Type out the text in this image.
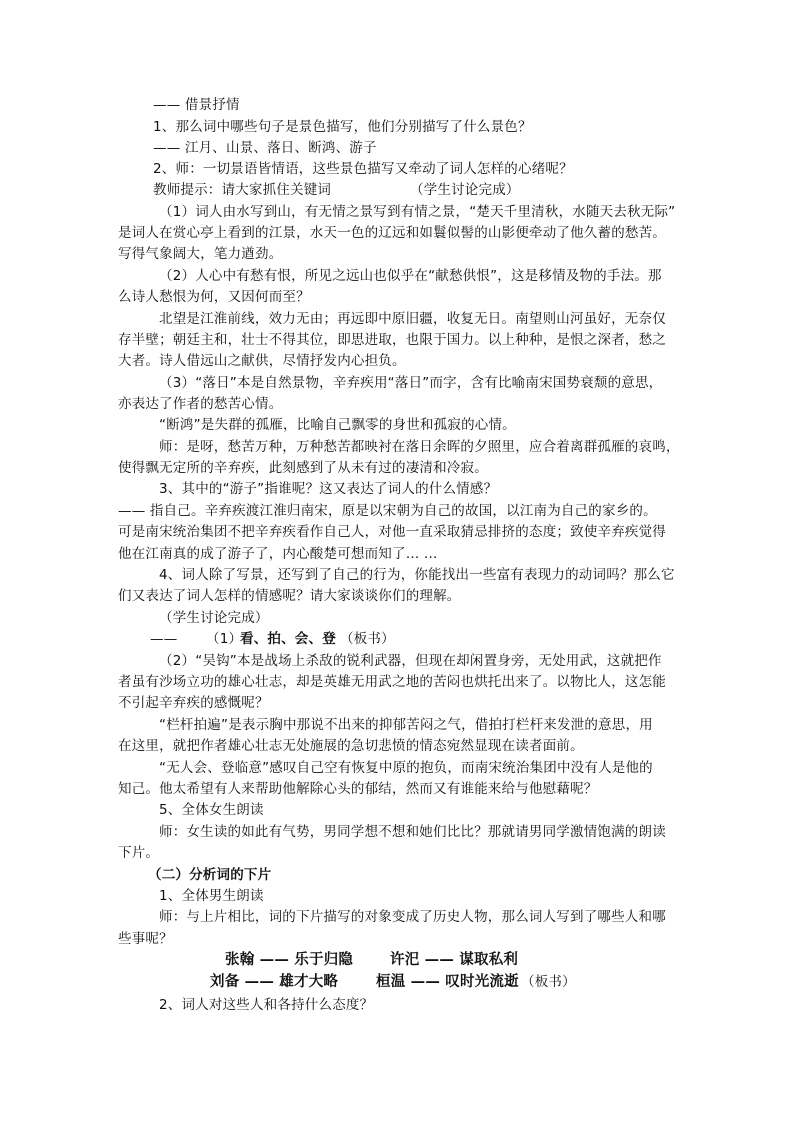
—— 借景抒情
1、那么词中哪些句子是景色描写，他们分别描写了什么景色？
—— 江月、山景、落日、断鸿、游子
2、师：一切景语皆情语，这些景色描写又牵动了词人怎样的心绪呢？
教师提示：请大家抓住关键词	（学生讨论完成）
（1）词人由水写到山，有无情之景写到有情之景，“楚天千里清秋，水随天去秋无际”
是词人在赏心亭上看到的江景，水天一色的辽远和如鬟似髻的山影便牵动了他久蓄的愁苦。
写得气象阔大，笔力遒劲。
（2）人心中有愁有恨，所见之远山也似乎在“献愁供恨”，这是移情及物的手法。那
么诗人愁恨为何，又因何而至？
北望是江淮前线，效力无由；再远即中原旧疆，收复无日。南望则山河虽好，无奈仅
存半壁；朝廷主和，壮士不得其位，即思进取，也限于国力。以上种种，是恨之深者，愁之
大者。诗人借远山之献供，尽情抒发内心担负。
（3）“落日”本是自然景物，辛弃疾用“落日”而字，含有比喻南宋国势衰颓的意思，
亦表达了作者的愁苦心情。
“断鸿”是失群的孤雁，比喻自己飘零的身世和孤寂的心情。
师：是呀，愁苦万种，万种愁苦都映衬在落日余晖的夕照里，应合着离群孤雁的哀鸣，
使得飘无定所的辛弃疾，此刻感到了从未有过的凄清和冷寂。
3、其中的“游子”指谁呢？这又表达了词人的什么情感？
—— 指自己。辛弃疾渡江淮归南宋，原是以宋朝为自己的故国，以江南为自己的家乡的。
可是南宋统治集团不把辛弃疾看作自己人，对他一直采取猜忌排挤的态度；致使辛弃疾觉得
他在江南真的成了游子了，内心酸楚可想而知了… …
4、词人除了写景，还写到了自己的行为，你能找出一些富有表现力的动词吗？那么它
们又表达了词人怎样的情感呢？请大家谈谈你们的理解。
（学生讨论完成）
—— （1）
看、拍、会、登 （板书）
（2）“吴钩”本是战场上杀敌的锐利武器，但现在却闲置身旁，无处用武，这就把作
者虽有沙场立功的雄心壮志，却是英雄无用武之地的苦闷也烘托出来了。以物比人，这怎能
不引起辛弃疾的感慨呢？
“栏杆拍遍”是表示胸中那说不出来的抑郁苦闷之气，借拍打栏杆来发泄的意思，用
在这里，就把作者雄心壮志无处施展的急切悲愤的情态宛然显现在读者面前。
“无人会、登临意”感叹自己空有恢复中原的抱负，而南宋统治集团中没有人是他的
知己。他太希望有人来帮助他解除心头的郁结，然而又有谁能来给与他慰藉呢？
5、全体女生朗读
师：女生读的如此有气势，男同学想不想和她们比比？那就请男同学激情饱满的朗读
下片。
（二）分析词的下片
1、全体男生朗读
师：与上片相比，词的下片描写的对象变成了历史人物，那么词人写到了哪些人和哪
些事呢？
张翰 —— 乐于归隐	许汜 —— 谋取私利
刘备 —— 雄才大略	桓温 —— 叹时光流逝 （板书）
2、词人对这些人和各持什么态度？
